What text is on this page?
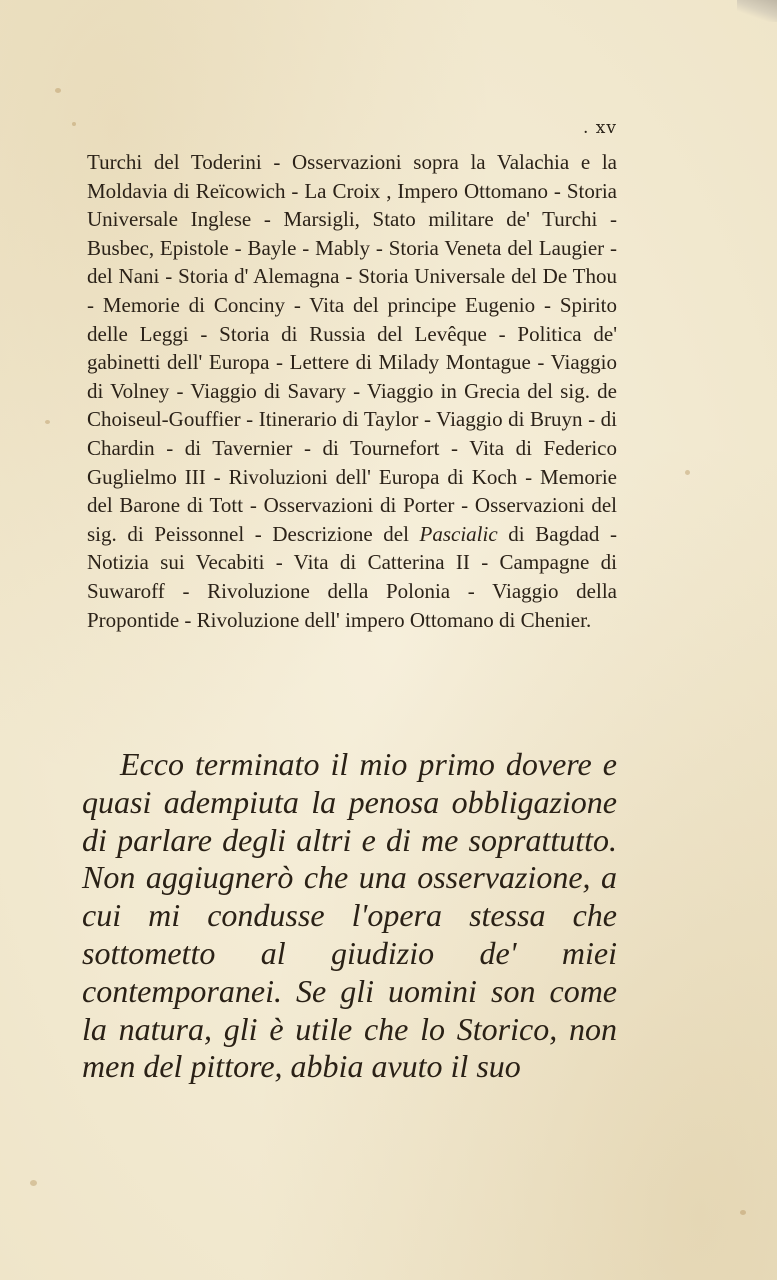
. xv

Turchi del Toderini - Osservazioni sopra la Valachia e la Moldavia di Reïcowich - La Croix , Impero Ottomano - Storia Universale Inglese - Marsigli, Stato militare de' Turchi - Busbec, Epistole - Bayle - Mably - Storia Veneta del Laugier - del Nani - Storia d' Alemagna - Storia Universale del De Thou - Memorie di Conciny - Vita del principe Eugenio - Spirito delle Leggi - Storia di Russia del Levêque - Politica de' gabinetti dell' Europa - Lettere di Milady Montague - Viaggio di Volney - Viaggio di Savary - Viaggio in Grecia del sig. de Choiseul-Gouffier - Itinerario di Taylor - Viaggio di Bruyn - di Chardin - di Tavernier - di Tournefort - Vita di Federico Guglielmo III - Rivoluzioni dell' Europa di Koch - Memorie del Barone di Tott - Osservazioni di Porter - Osservazioni del sig. di Peissonnel - Descrizione del Pascialic di Bagdad - Notizia sui Vecabiti - Vita di Catterina II - Campagne di Suwaroff - Rivoluzione della Polonia - Viaggio della Propontide - Rivoluzione dell' impero Ottomano di Chenier.

Ecco terminato il mio primo dovere e quasi adempiuta la penosa obbligazione di parlare degli altri e di me soprattutto. Non aggiugnerò che una osservazione, a cui mi condusse l'opera stessa che sottometto al giudizio de' miei contemporanei. Se gli uomini son come la natura, gli è utile che lo Storico, non men del pittore, abbia avuto il suo
